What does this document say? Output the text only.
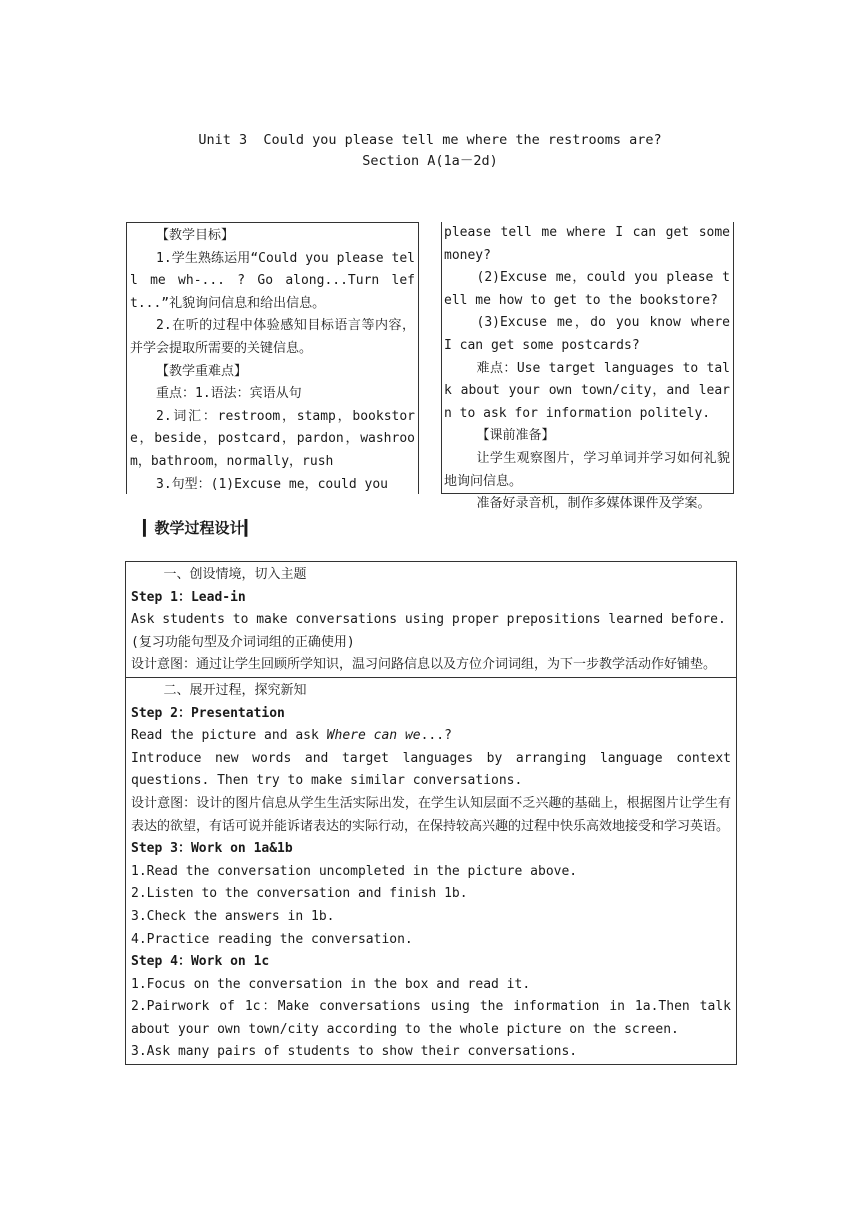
Unit 3  Could you please tell me where the restrooms are?
Section A(1a－2d)

【教学目标】

1.学生熟练运用“Could you please tell me wh-... ? Go along...Turn left...”礼貌询问信息和给出信息。

2.在听的过程中体验感知目标语言等内容，并学会提取所需要的关键信息。

【教学重难点】

重点：1.语法：宾语从句

2.词汇：restroom，stamp，bookstore，beside，postcard，pardon，washroom，bathroom，normally，rush

3.句型：(1)Excuse me，could you

please tell me where I can get some money?

(2)Excuse me，could you please tell me how to get to the bookstore?

(3)Excuse me，do you know where I can get some postcards?

难点：Use target languages to talk about your own town/city，and learn to ask for information politely.

【课前准备】

让学生观察图片，学习单词并学习如何礼貌地询问信息。

准备好录音机，制作多媒体课件及学案。

▎教学过程设计▎

一、创设情境，切入主题

Step 1：Lead-in

Ask students to make conversations using proper prepositions learned before.

(复习功能句型及介词词组的正确使用)

设计意图：通过让学生回顾所学知识，温习问路信息以及方位介词词组，为下一步教学活动作好铺垫。

二、展开过程，探究新知

Step 2：Presentation

Read the picture and ask Where can we...?

Introduce new words and target languages by arranging language context questions. Then try to make similar conversations.

设计意图：设计的图片信息从学生生活实际出发，在学生认知层面不乏兴趣的基础上，根据图片让学生有表达的欲望，有话可说并能诉诸表达的实际行动，在保持较高兴趣的过程中快乐高效地接受和学习英语。

Step 3：Work on 1a&1b

1.Read the conversation uncompleted in the picture above.

2.Listen to the conversation and finish 1b.

3.Check the answers in 1b.

4.Practice reading the conversation.

Step 4：Work on 1c

1.Focus on the conversation in the box and read it.

2.Pairwork of 1c：Make conversations using the information in 1a.Then talk about your own town/city according to the whole picture on the screen.

3.Ask many pairs of students to show their conversations.
